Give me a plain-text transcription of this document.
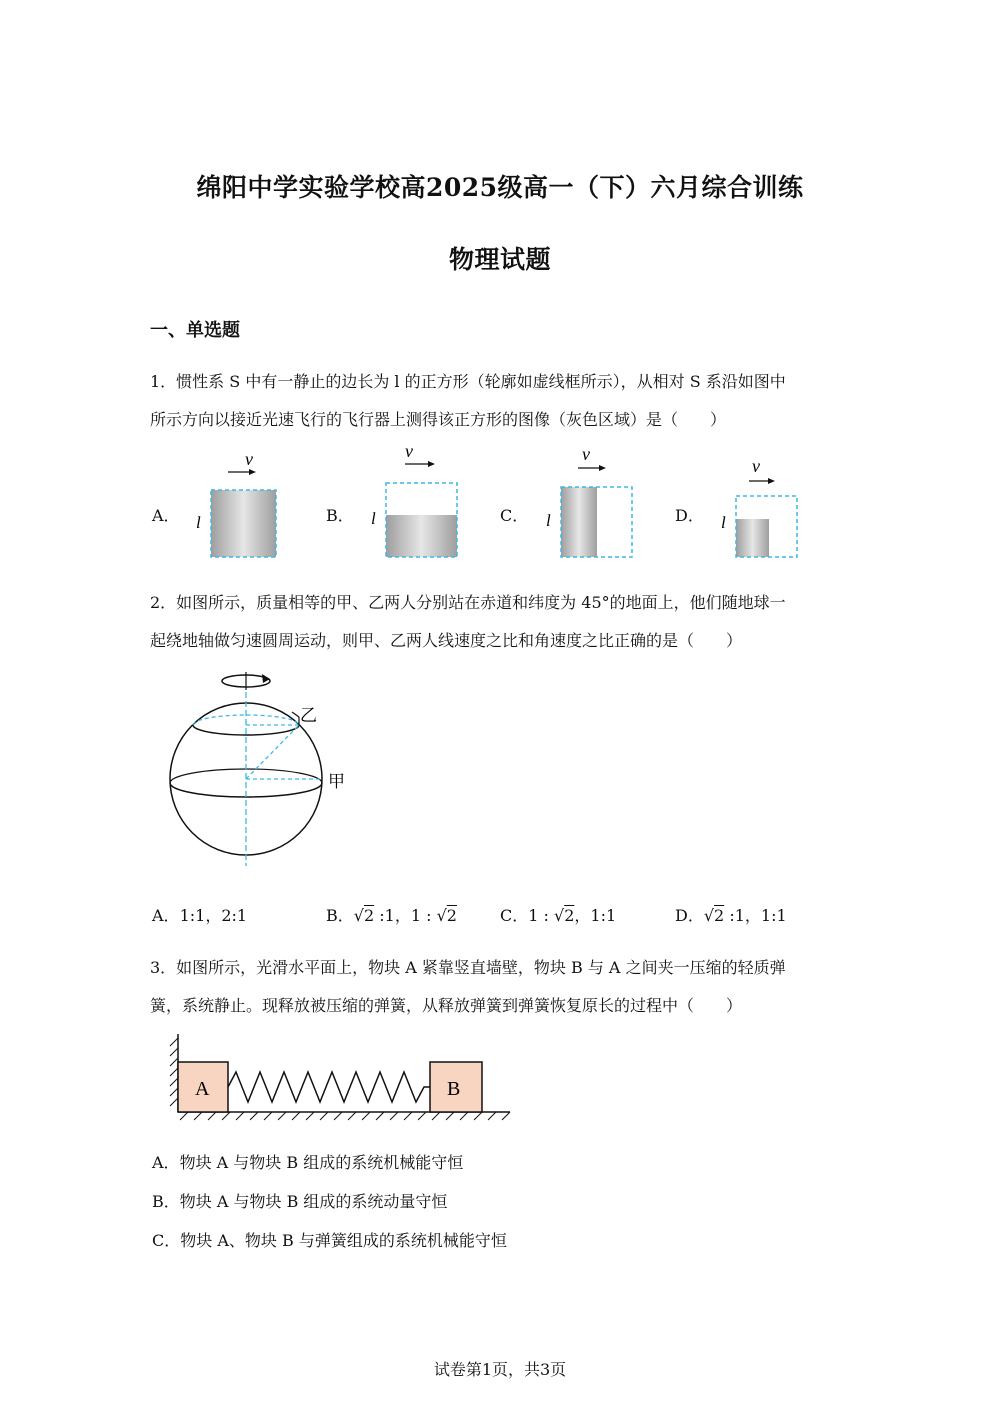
绵阳中学实验学校高2025级高一（下）六月综合训练
物理试题
一、单选题
1．惯性系 S 中有一静止的边长为 l 的正方形（轮廓如虚线框所示），从相对 S 系沿如图中
所示方向以接近光速飞行的飞行器上测得该正方形的图像（灰色区域）是（　　）
A．
v
l	B．
v
l	C．
v
l	D．
v
l
2．如图所示，质量相等的甲、乙两人分别站在赤道和纬度为 45°的地面上，他们随地球一
起绕地轴做匀速圆周运动，则甲、乙两人线速度之比和角速度之比正确的是（　　）
乙
甲
A．1:1，2:1	B．√2 :1，1 : √2	C．1 : √2，1:1	D．√2 :1，1:1
3．如图所示，光滑水平面上，物块 A 紧靠竖直墙壁，物块 B 与 A 之间夹一压缩的轻质弹
簧，系统静止。现释放被压缩的弹簧，从释放弹簧到弹簧恢复原长的过程中（　　）
A	B
A．物块 A 与物块 B 组成的系统机械能守恒
B．物块 A 与物块 B 组成的系统动量守恒
C．物块 A、物块 B 与弹簧组成的系统机械能守恒
试卷第1页，共3页
